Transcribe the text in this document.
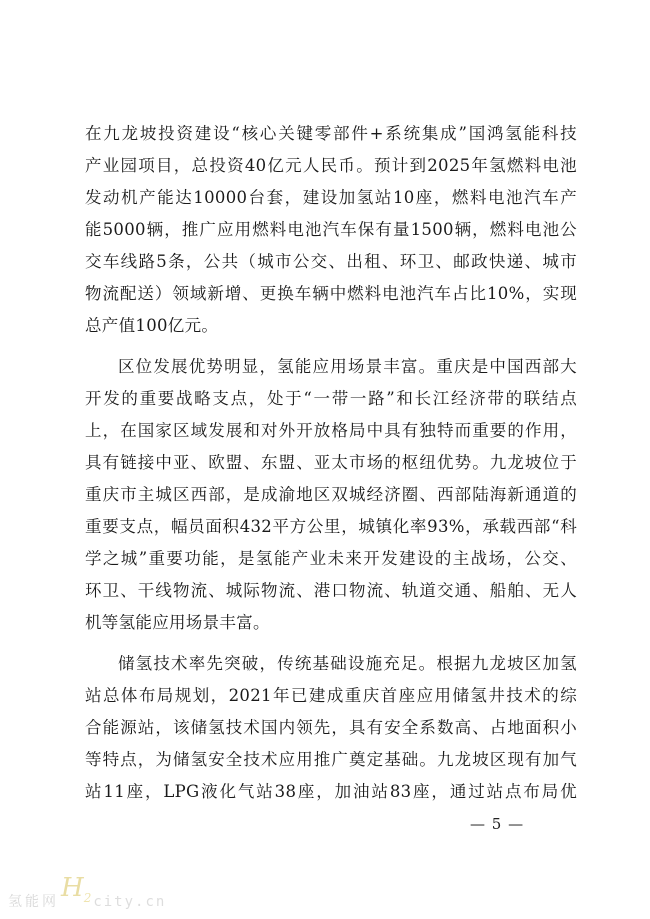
在九龙坡投资建设“核心关键零部件+系统集成”国鸿氢能科技
产业园项目，总投资40亿元人民币。预计到2025年氢燃料电池
发动机产能达10000台套，建设加氢站10座，燃料电池汽车产
能5000辆，推广应用燃料电池汽车保有量1500辆，燃料电池公
交车线路5条，公共（城市公交、出租、环卫、邮政快递、城市
物流配送）领域新增、更换车辆中燃料电池汽车占比10%，实现
总产值100亿元。
区位发展优势明显，氢能应用场景丰富。重庆是中国西部大
开发的重要战略支点，处于“一带一路”和长江经济带的联结点
上，在国家区域发展和对外开放格局中具有独特而重要的作用，
具有链接中亚、欧盟、东盟、亚太市场的枢纽优势。九龙坡位于
重庆市主城区西部，是成渝地区双城经济圈、西部陆海新通道的
重要支点，幅员面积432平方公里，城镇化率93%，承载西部“科
学之城”重要功能，是氢能产业未来开发建设的主战场，公交、
环卫、干线物流、城际物流、港口物流、轨道交通、船舶、无人
机等氢能应用场景丰富。
储氢技术率先突破，传统基础设施充足。根据九龙坡区加氢
站总体布局规划，2021年已建成重庆首座应用储氢井技术的综
合能源站，该储氢技术国内领先，具有安全系数高、占地面积小
等特点，为储氢安全技术应用推广奠定基础。九龙坡区现有加气
站11座，LPG液化气站38座，加油站83座，通过站点布局优
— 5 —
氢能网 $H_2$ city.cn
